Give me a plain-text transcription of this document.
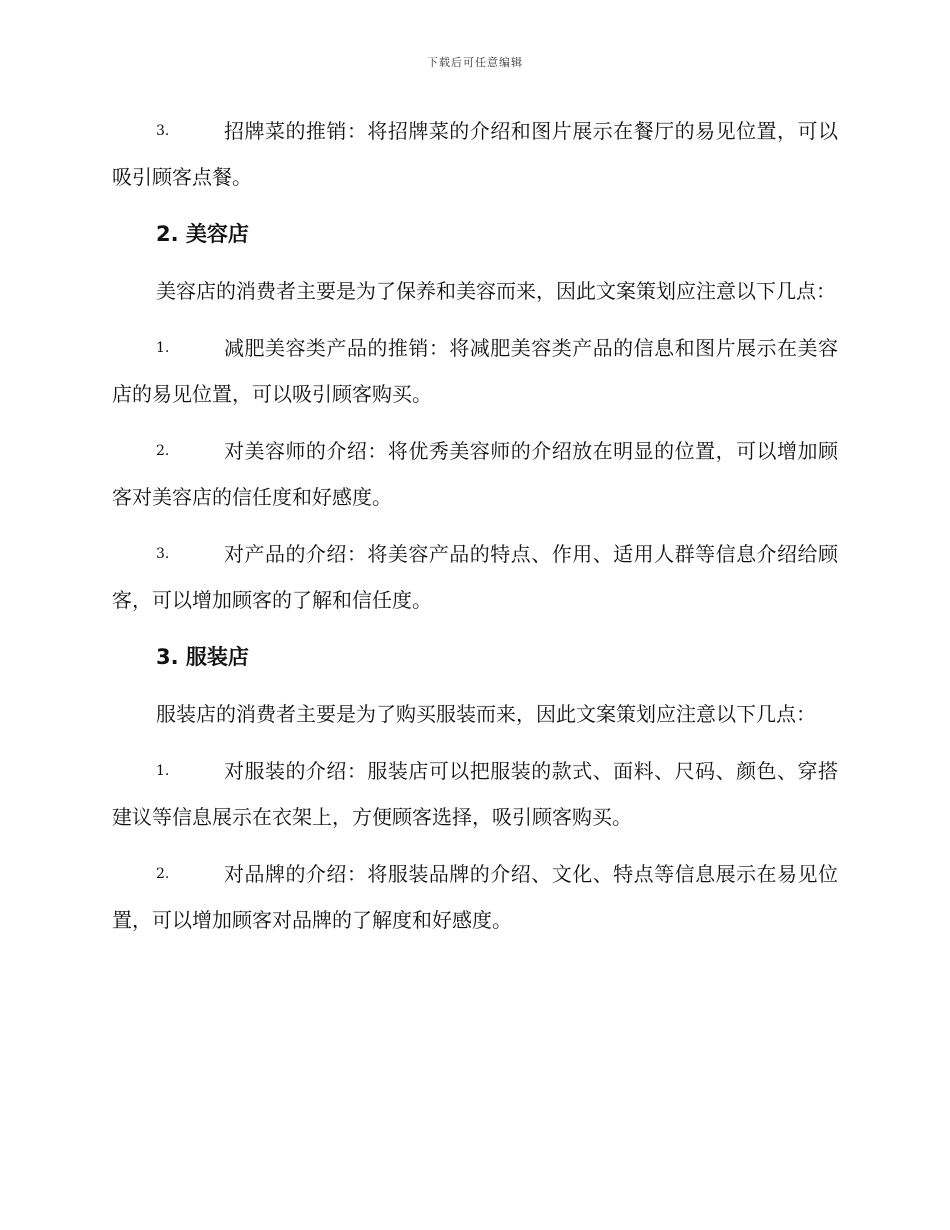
下载后可任意编辑

3.	招牌菜的推销：将招牌菜的介绍和图片展示在餐厅的易见位置，可以吸引顾客点餐。

2. 美容店

美容店的消费者主要是为了保养和美容而来，因此文案策划应注意以下几点：

1.	减肥美容类产品的推销：将减肥美容类产品的信息和图片展示在美容店的易见位置，可以吸引顾客购买。

2.	对美容师的介绍：将优秀美容师的介绍放在明显的位置，可以增加顾客对美容店的信任度和好感度。

3.	对产品的介绍：将美容产品的特点、作用、适用人群等信息介绍给顾客，可以增加顾客的了解和信任度。

3. 服装店

服装店的消费者主要是为了购买服装而来，因此文案策划应注意以下几点：

1.	对服装的介绍：服装店可以把服装的款式、面料、尺码、颜色、穿搭建议等信息展示在衣架上，方便顾客选择，吸引顾客购买。

2.	对品牌的介绍：将服装品牌的介绍、文化、特点等信息展示在易见位置，可以增加顾客对品牌的了解度和好感度。
